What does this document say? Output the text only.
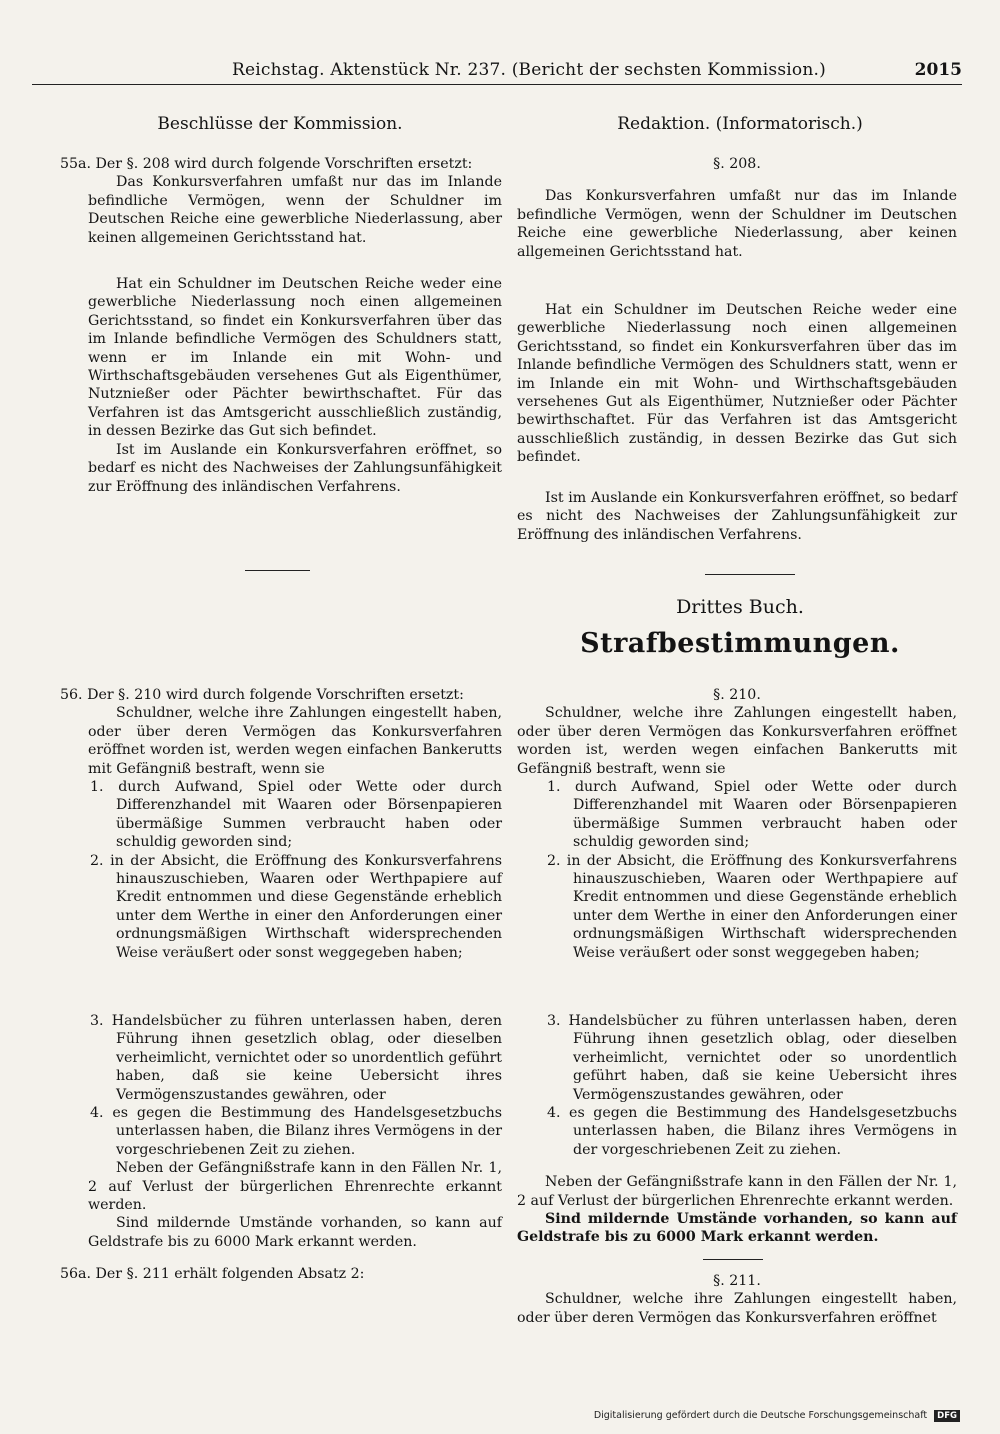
Reichstag. Aktenstück Nr. 237. (Bericht der sechsten Kommission.)	2015
Beschlüsse der Kommission.	Redaktion. (Informatorisch.)

55a. Der §. 208 wird durch folgende Vorschriften ersetzt:

Das Konkursverfahren umfaßt nur das im Inlande befindliche Vermögen, wenn der Schuldner im Deutschen Reiche eine gewerbliche Niederlassung, aber keinen allgemeinen Gerichtsstand hat.

Hat ein Schuldner im Deutschen Reiche weder eine gewerbliche Niederlassung noch einen allgemeinen Gerichtsstand, so findet ein Konkursverfahren über das im Inlande befindliche Vermögen des Schuldners statt, wenn er im Inlande ein mit Wohn- und Wirthschaftsgebäuden versehenes Gut als Eigenthümer, Nutznießer oder Pächter bewirthschaftet. Für das Verfahren ist das Amtsgericht ausschließlich zuständig, in dessen Bezirke das Gut sich befindet.

Ist im Auslande ein Konkursverfahren eröffnet, so bedarf es nicht des Nachweises der Zahlungsunfähigkeit zur Eröffnung des inländischen Verfahrens.

§. 208.

Das Konkursverfahren umfaßt nur das im Inlande befindliche Vermögen, wenn der Schuldner im Deutschen Reiche eine gewerbliche Niederlassung, aber keinen allgemeinen Gerichtsstand hat.

Hat ein Schuldner im Deutschen Reiche weder eine gewerbliche Niederlassung noch einen allgemeinen Gerichtsstand, so findet ein Konkursverfahren über das im Inlande befindliche Vermögen des Schuldners statt, wenn er im Inlande ein mit Wohn- und Wirthschaftsgebäuden versehenes Gut als Eigenthümer, Nutznießer oder Pächter bewirthschaftet. Für das Verfahren ist das Amtsgericht ausschließlich zuständig, in dessen Bezirke das Gut sich befindet.

Ist im Auslande ein Konkursverfahren eröffnet, so bedarf es nicht des Nachweises der Zahlungsunfähigkeit zur Eröffnung des inländischen Verfahrens.

Drittes Buch.
Strafbestimmungen.

56. Der §. 210 wird durch folgende Vorschriften ersetzt:

Schuldner, welche ihre Zahlungen eingestellt haben, oder über deren Vermögen das Konkursverfahren eröffnet worden ist, werden wegen einfachen Bankerutts mit Gefängniß bestraft, wenn sie

1. durch Aufwand, Spiel oder Wette oder durch Differenzhandel mit Waaren oder Börsenpapieren übermäßige Summen verbraucht haben oder schuldig geworden sind;

2. in der Absicht, die Eröffnung des Konkursverfahrens hinauszuschieben, Waaren oder Werthpapiere auf Kredit entnommen und diese Gegenstände erheblich unter dem Werthe in einer den Anforderungen einer ordnungsmäßigen Wirthschaft widersprechenden Weise veräußert oder sonst weggegeben haben;

§. 210.

Schuldner, welche ihre Zahlungen eingestellt haben, oder über deren Vermögen das Konkursverfahren eröffnet worden ist, werden wegen einfachen Bankerutts mit Gefängniß bestraft, wenn sie

1. durch Aufwand, Spiel oder Wette oder durch Differenzhandel mit Waaren oder Börsenpapieren übermäßige Summen verbraucht haben oder schuldig geworden sind;

2. in der Absicht, die Eröffnung des Konkursverfahrens hinauszuschieben, Waaren oder Werthpapiere auf Kredit entnommen und diese Gegenstände erheblich unter dem Werthe in einer den Anforderungen einer ordnungsmäßigen Wirthschaft widersprechenden Weise veräußert oder sonst weggegeben haben;

3. Handelsbücher zu führen unterlassen haben, deren Führung ihnen gesetzlich oblag, oder dieselben verheimlicht, vernichtet oder so unordentlich geführt haben, daß sie keine Uebersicht ihres Vermögenszustandes gewähren, oder

4. es gegen die Bestimmung des Handelsgesetzbuchs unterlassen haben, die Bilanz ihres Vermögens in der vorgeschriebenen Zeit zu ziehen.

Neben der Gefängnißstrafe kann in den Fällen Nr. 1, 2 auf Verlust der bürgerlichen Ehrenrechte erkannt werden.

Sind mildernde Umstände vorhanden, so kann auf Geldstrafe bis zu 6000 Mark erkannt werden.

56a. Der §. 211 erhält folgenden Absatz 2:

3. Handelsbücher zu führen unterlassen haben, deren Führung ihnen gesetzlich oblag, oder dieselben verheimlicht, vernichtet oder so unordentlich geführt haben, daß sie keine Uebersicht ihres Vermögenszustandes gewähren, oder

4. es gegen die Bestimmung des Handelsgesetzbuchs unterlassen haben, die Bilanz ihres Vermögens in der vorgeschriebenen Zeit zu ziehen.

Neben der Gefängnißstrafe kann in den Fällen der Nr. 1, 2 auf Verlust der bürgerlichen Ehrenrechte erkannt werden.

Sind mildernde Umstände vorhanden, so kann auf Geldstrafe bis zu 6000 Mark erkannt werden.

§. 211.

Schuldner, welche ihre Zahlungen eingestellt haben, oder über deren Vermögen das Konkursverfahren eröffnet

Digitalisierung gefördert durch die Deutsche Forschungsgemeinschaft DFG
